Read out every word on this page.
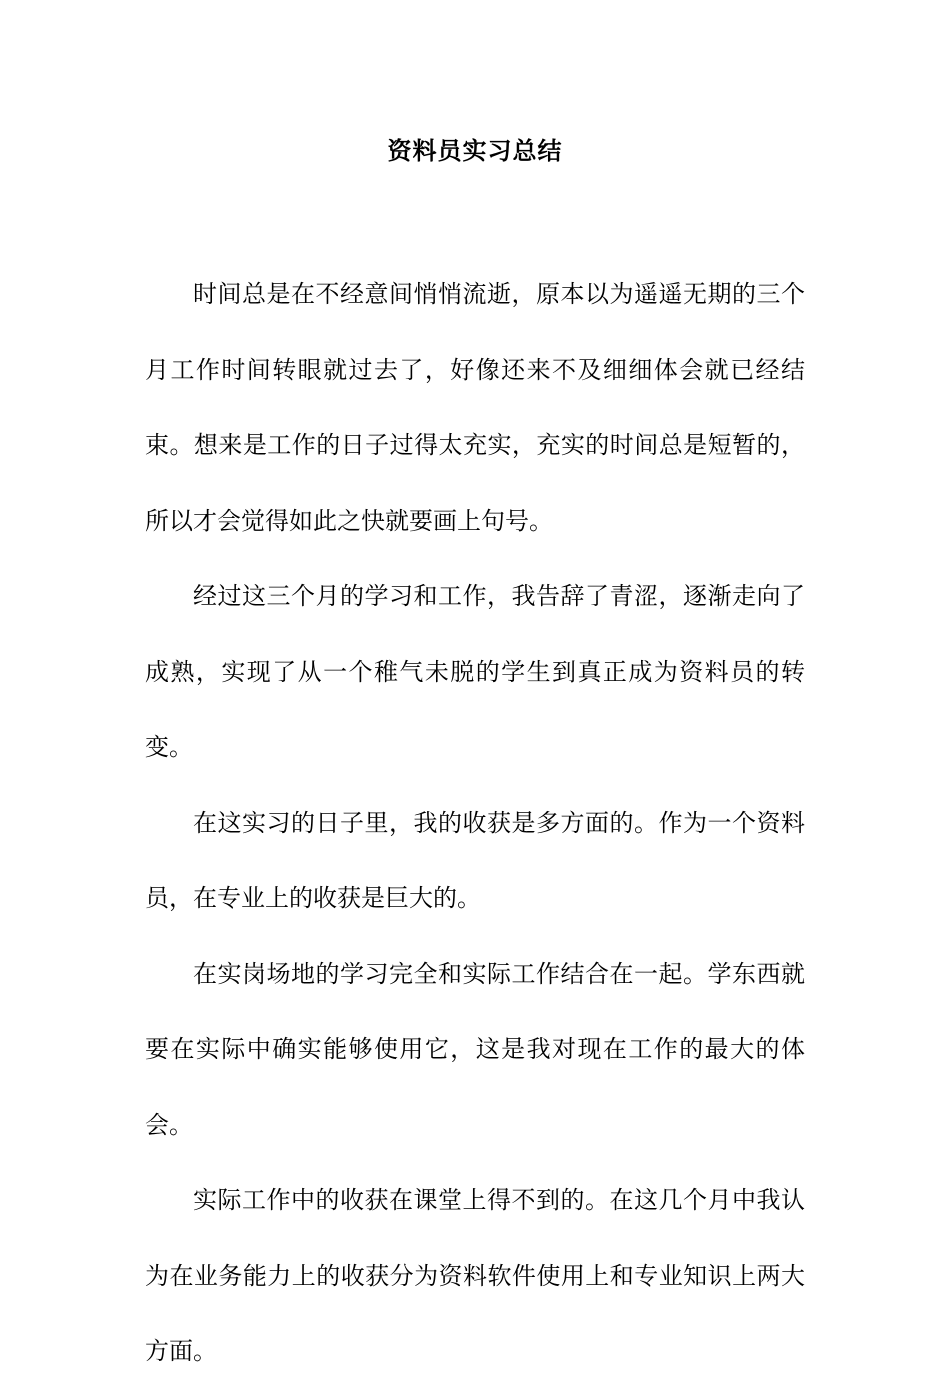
资料员实习总结

时间总是在不经意间悄悄流逝，原本以为遥遥无期的三个月工作时间转眼就过去了，好像还来不及细细体会就已经结束。想来是工作的日子过得太充实，充实的时间总是短暂的，所以才会觉得如此之快就要画上句号。

经过这三个月的学习和工作，我告辞了青涩，逐渐走向了成熟，实现了从一个稚气未脱的学生到真正成为资料员的转变。

在这实习的日子里，我的收获是多方面的。作为一个资料员，在专业上的收获是巨大的。

在实岗场地的学习完全和实际工作结合在一起。学东西就要在实际中确实能够使用它，这是我对现在工作的最大的体会。

实际工作中的收获在课堂上得不到的。在这几个月中我认为在业务能力上的收获分为资料软件使用上和专业知识上两大方面。
